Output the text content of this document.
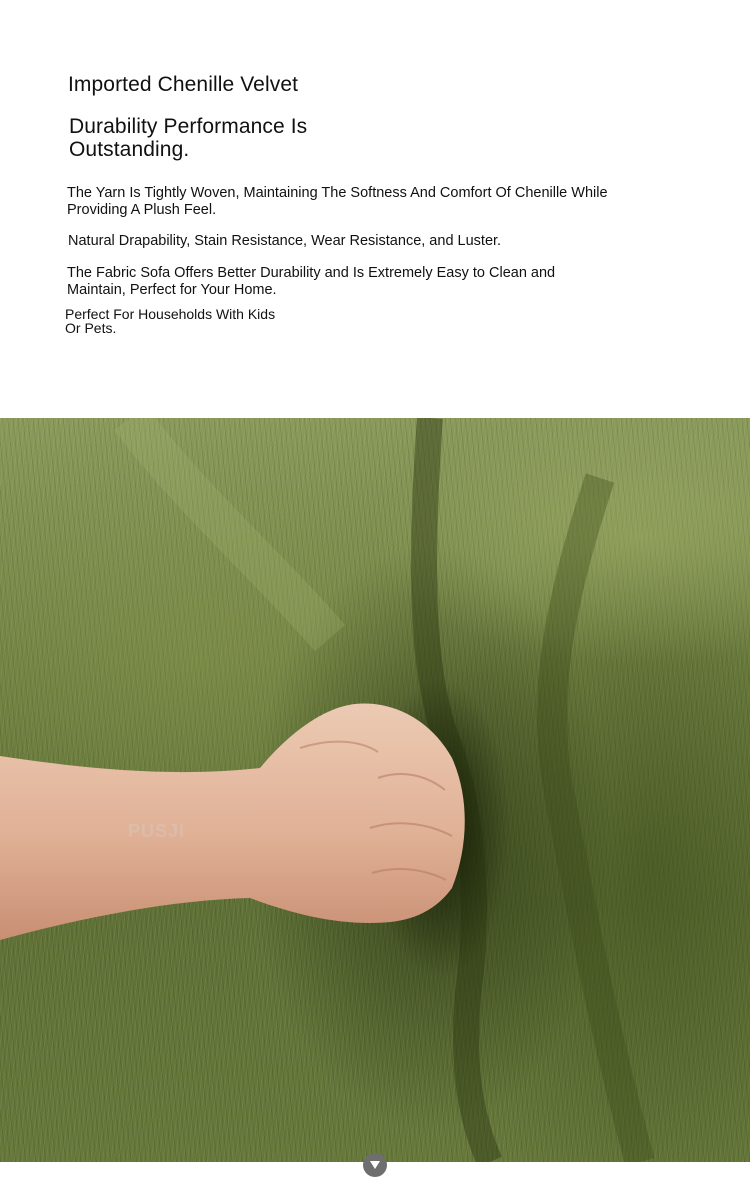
Imported Chenille Velvet
Durability Performance Is Outstanding.

The Yarn Is Tightly Woven, Maintaining The Softness And Comfort Of Chenille While Providing A Plush Feel.

Natural Drapability, Stain Resistance, Wear Resistance, and Luster.

The Fabric Sofa Offers Better Durability and Is Extremely Easy to Clean and Maintain, Perfect for Your Home.

Perfect For Households With Kids
Or Pets.

PUSJI
